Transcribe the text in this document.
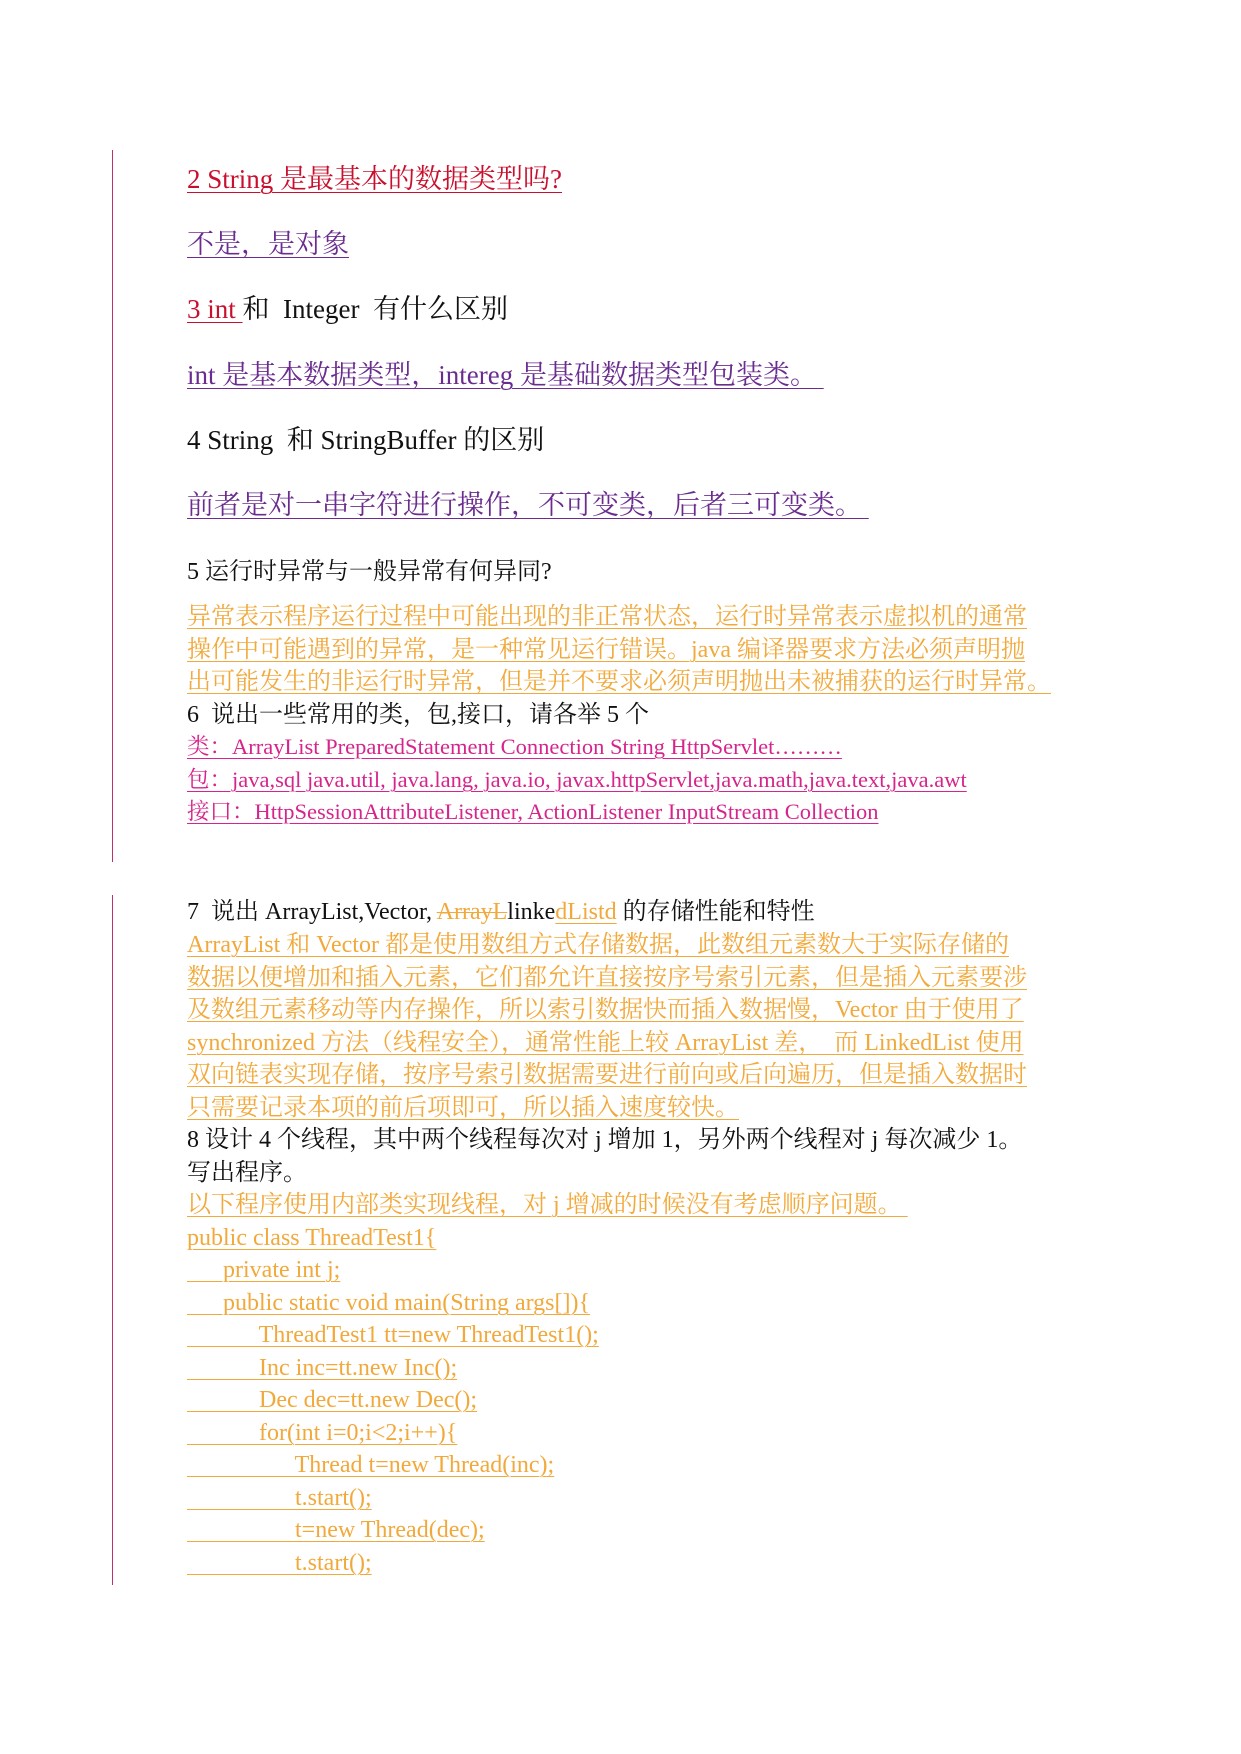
2 String 是最基本的数据类型吗?
不是，是对象
3 int 和  Integer  有什么区别
int 是基本数据类型，intereg 是基础数据类型包装类。
4 String  和 StringBuffer 的区别
前者是对一串字符进行操作，不可变类，后者三可变类。
5 运行时异常与一般异常有何异同?
异常表示程序运行过程中可能出现的非正常状态，运行时异常表示虚拟机的通常
操作中可能遇到的异常，是一种常见运行错误。java 编译器要求方法必须声明抛
出可能发生的非运行时异常，但是并不要求必须声明抛出未被捕获的运行时异常。
6  说出一些常用的类，包,接口，请各举 5 个
类：ArrayList PreparedStatement Connection String HttpServlet………
包：java,sql java.util, java.lang, java.io, javax.httpServlet,java.math,java.text,java.awt
接口：HttpSessionAttributeListener, ActionListener InputStream Collection
7  说出 ArrayList,Vector, ArrayLlinkedListd 的存储性能和特性
ArrayList 和 Vector 都是使用数组方式存储数据，此数组元素数大于实际存储的
数据以便增加和插入元素，它们都允许直接按序号索引元素，但是插入元素要涉
及数组元素移动等内存操作，所以索引数据快而插入数据慢，Vector 由于使用了
synchronized 方法（线程安全），通常性能上较 ArrayList 差，  而 LinkedList 使用
双向链表实现存储，按序号索引数据需要进行前向或后向遍历，但是插入数据时
只需要记录本项的前后项即可，所以插入速度较快。
8 设计 4 个线程，其中两个线程每次对 j 增加 1，另外两个线程对 j 每次减少 1。
写出程序。
以下程序使用内部类实现线程，对 j 增减的时候没有考虑顺序问题。
public class ThreadTest1{
private int j;
public static void main(String args[]){
ThreadTest1 tt=new ThreadTest1();
Inc inc=tt.new Inc();
Dec dec=tt.new Dec();
for(int i=0;i<2;i++){
Thread t=new Thread(inc);
t.start();
t=new Thread(dec);
t.start();
